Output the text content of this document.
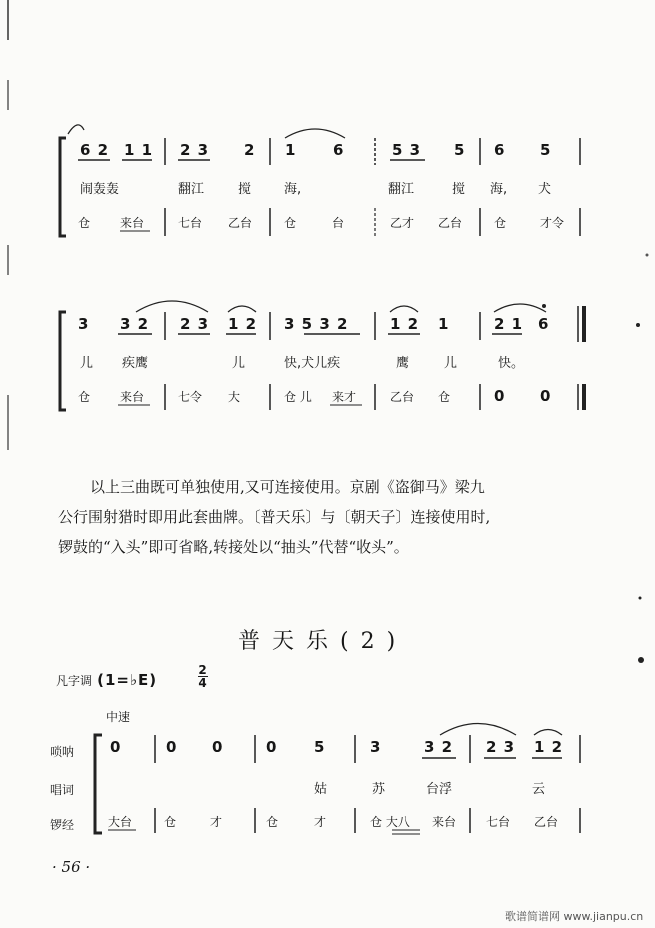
6 2 1 1 2 3 2 1 6	5 3 5 6 5
闹轰轰	翻江	搅	海,	翻江	搅 海, 犬
仓 来台	七台 乙台	仓	台	乙才 乙台	仓	才令
3 3 2 2 3 1 2 3 5 3 2	1 2 1	2 1 6
儿 疾鹰	儿	快,犬儿疾	鹰	儿	快。
仓 来台	七令 大	仓 儿 来才	乙台 仓	0 0
以上三曲既可单独使用,又可连接使用。京剧《盗御马》梁九
公行围射猎时即用此套曲牌。〔普天乐〕与〔朝天子〕连接使用时,
锣鼓的“入头”即可省略,转接处以“抽头”代替“收头”。
普天乐(2)
凡字调 (1=♭E)
2
4
中速
唢呐
唱词
锣经
0	0 0	0 5	3	3 2 2 3 1 2
姑	苏	台浮	云
大台	仓	才	仓	才	仓 大八 来台 七台 乙台
· 56 ·
歌谱简谱网 www.jianpu.cn
